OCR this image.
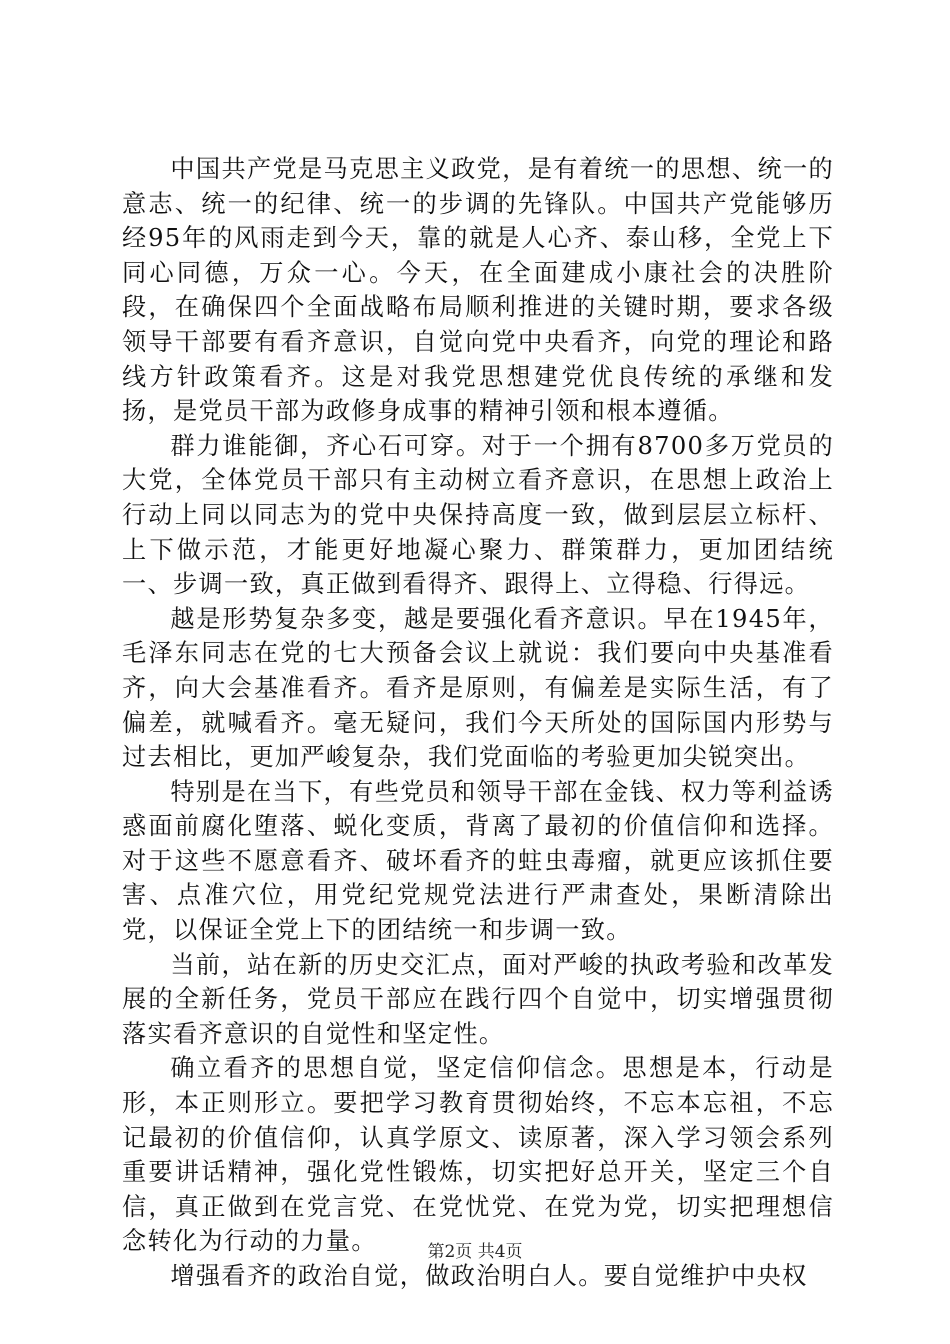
中国共产党是马克思主义政党，是有着统一的思想、统一的意志、统一的纪律、统一的步调的先锋队。中国共产党能够历经95年的风雨走到今天，靠的就是人心齐、泰山移，全党上下同心同德，万众一心。今天，在全面建成小康社会的决胜阶段，在确保四个全面战略布局顺利推进的关键时期，要求各级领导干部要有看齐意识，自觉向党中央看齐，向党的理论和路线方针政策看齐。这是对我党思想建党优良传统的承继和发扬，是党员干部为政修身成事的精神引领和根本遵循。

群力谁能御，齐心石可穿。对于一个拥有8700多万党员的大党，全体党员干部只有主动树立看齐意识，在思想上政治上行动上同以同志为的党中央保持高度一致，做到层层立标杆、上下做示范，才能更好地凝心聚力、群策群力，更加团结统一、步调一致，真正做到看得齐、跟得上、立得稳、行得远。

越是形势复杂多变，越是要强化看齐意识。早在1945年，毛泽东同志在党的七大预备会议上就说：我们要向中央基准看齐，向大会基准看齐。看齐是原则，有偏差是实际生活，有了偏差，就喊看齐。毫无疑问，我们今天所处的国际国内形势与过去相比，更加严峻复杂，我们党面临的考验更加尖锐突出。

特别是在当下，有些党员和领导干部在金钱、权力等利益诱惑面前腐化堕落、蜕化变质，背离了最初的价值信仰和选择。对于这些不愿意看齐、破坏看齐的蛀虫毒瘤，就更应该抓住要害、点准穴位，用党纪党规党法进行严肃查处，果断清除出党，以保证全党上下的团结统一和步调一致。

当前，站在新的历史交汇点，面对严峻的执政考验和改革发展的全新任务，党员干部应在践行四个自觉中，切实增强贯彻落实看齐意识的自觉性和坚定性。

确立看齐的思想自觉，坚定信仰信念。思想是本，行动是形，本正则形立。要把学习教育贯彻始终，不忘本忘祖，不忘记最初的价值信仰，认真学原文、读原著，深入学习领会系列重要讲话精神，强化党性锻炼，切实把好总开关，坚定三个自信，真正做到在党言党、在党忧党、在党为党，切实把理想信念转化为行动的力量。

增强看齐的政治自觉，做政治明白人。要自觉维护中央权

第2页 共4页
